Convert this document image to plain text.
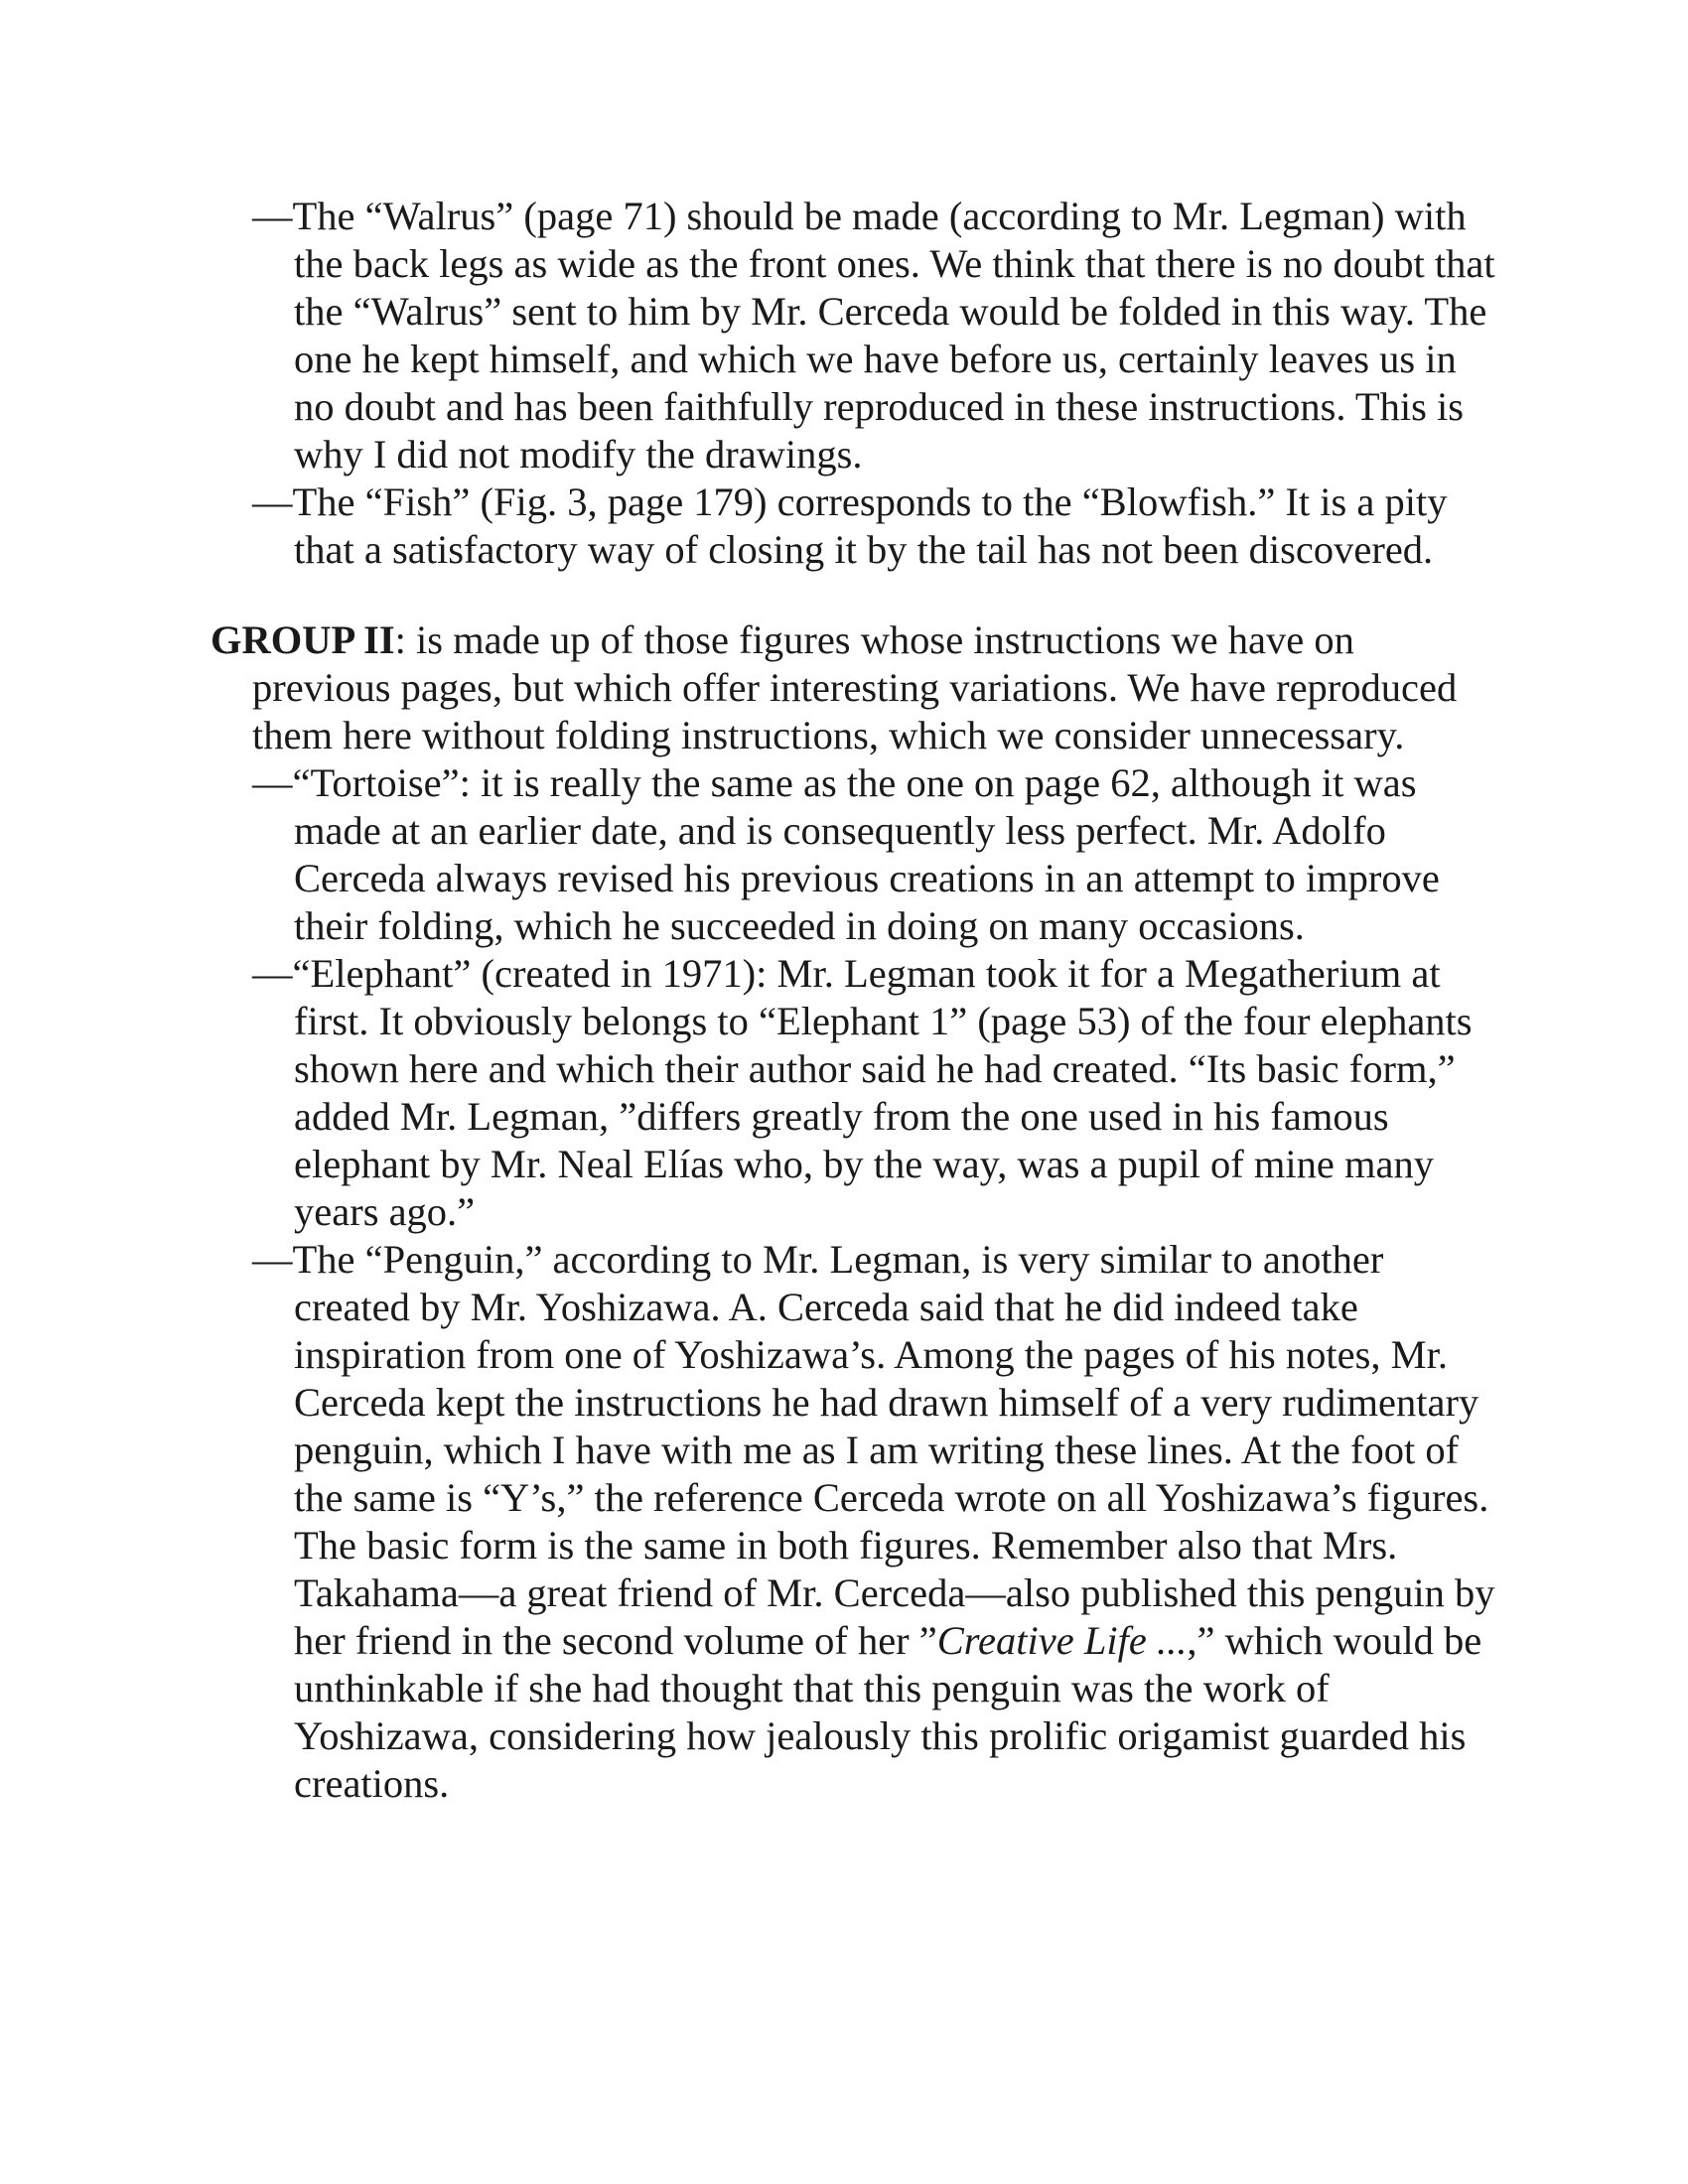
—The “Walrus” (page 71) should be made (according to Mr. Legman) with the back legs as wide as the front ones. We think that there is no doubt that the “Walrus” sent to him by Mr. Cerceda would be folded in this way. The one he kept himself, and which we have before us, certainly leaves us in no doubt and has been faithfully reproduced in these instructions. This is why I did not modify the drawings.

—The “Fish” (Fig. 3, page 179) corresponds to the “Blowfish.” It is a pity that a satisfactory way of closing it by the tail has not been discovered.

GROUP II: is made up of those figures whose instructions we have on previous pages, but which offer interesting variations. We have reproduced them here without folding instructions, which we consider unnecessary.

—“Tortoise”: it is really the same as the one on page 62, although it was made at an earlier date, and is consequently less perfect. Mr. Adolfo Cerceda always revised his previous creations in an attempt to improve their folding, which he succeeded in doing on many occasions.

—“Elephant” (created in 1971): Mr. Legman took it for a Megatherium at first. It obviously belongs to “Elephant 1” (page 53) of the four elephants shown here and which their author said he had created. “Its basic form,” added Mr. Legman, ”differs greatly from the one used in his famous elephant by Mr. Neal Elías who, by the way, was a pupil of mine many years ago.”

—The “Penguin,” according to Mr. Legman, is very similar to another created by Mr. Yoshizawa. A. Cerceda said that he did indeed take inspiration from one of Yoshizawa’s. Among the pages of his notes, Mr. Cerceda kept the instructions he had drawn himself of a very rudimentary penguin, which I have with me as I am writing these lines. At the foot of the same is “Y’s,” the reference Cerceda wrote on all Yoshizawa’s figures. The basic form is the same in both figures. Remember also that Mrs. Takahama—a great friend of Mr. Cerceda—also published this penguin by her friend in the second volume of her ”Creative Life ...,” which would be unthinkable if she had thought that this penguin was the work of Yoshizawa, considering how jealously this prolific origamist guarded his creations.
